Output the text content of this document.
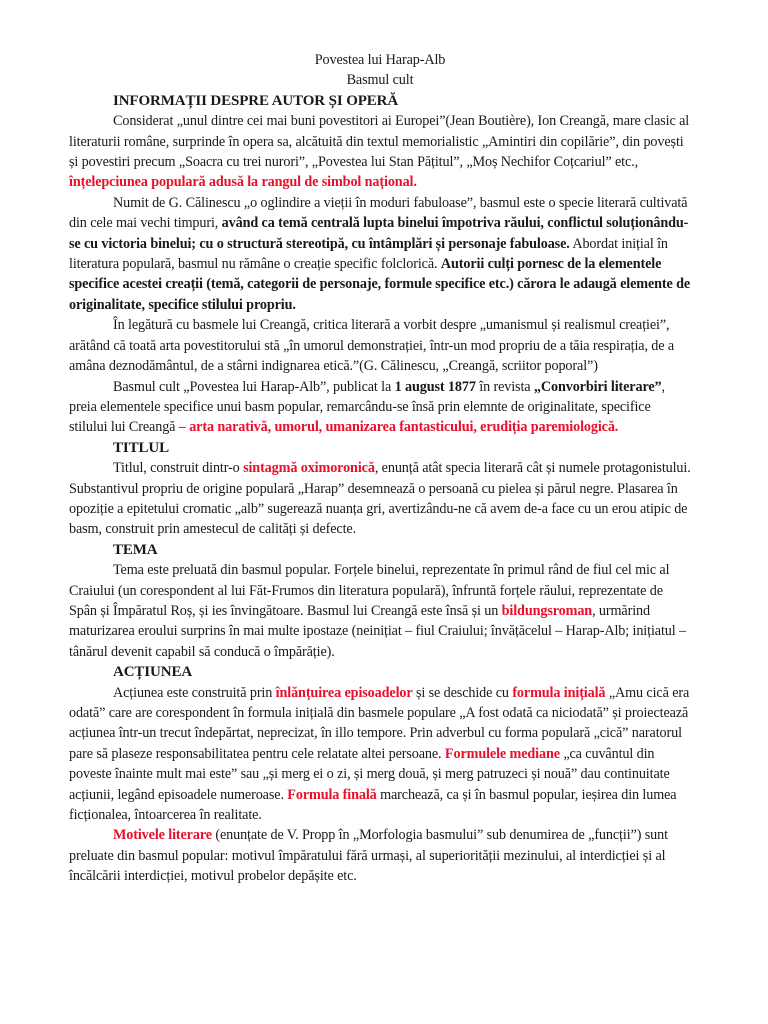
Povestea lui Harap-Alb

Basmul cult

INFORMAȚII DESPRE AUTOR ȘI OPERĂ

Considerat „unul dintre cei mai buni povestitori ai Europei”(Jean Boutière), Ion Creangă, mare clasic al literaturii române, surprinde în opera sa, alcătuită din textul memorialistic „Amintiri din copilărie”, din povești și povestiri precum „Soacra cu trei nurori”, „Povestea lui Stan Pățitul”, „Moș Nechifor Coțcariul” etc., înțelepciunea populară adusă la rangul de simbol național.

Numit de G. Călinescu „o oglindire a vieții în moduri fabuloase”, basmul este o specie literară cultivată din cele mai vechi timpuri, având ca temă centrală lupta binelui împotriva răului, conflictul soluționându-se cu victoria binelui; cu o structură stereotipă, cu întâmplări și personaje fabuloase. Abordat inițial în literatura populară, basmul nu rămâne o creație specific folclorică. Autorii culți pornesc de la elementele specifice acestei creații (temă, categorii de personaje, formule specifice etc.) cărora le adaugă elemente de originalitate, specifice stilului propriu.

În legătură cu basmele lui Creangă, critica literară a vorbit despre „umanismul și realismul creației”, arătând că toată arta povestitorului stă „în umorul demonstrației, într-un mod propriu de a tăia respirația, de a amâna deznodământul, de a stârni indignarea etică.”(G. Călinescu, „Creangă, scriitor poporal”)

Basmul cult „Povestea lui Harap-Alb”, publicat la 1 august 1877 în revista „Convorbiri literare”, preia elementele specifice unui basm popular, remarcându-se însă prin elemnte de originalitate, specifice stilului lui Creangă – arta narativă, umorul, umanizarea fantasticului, erudiția paremiologică.

TITLUL

Titlul, construit dintr-o sintagmă oximoronică, enunță atât specia literară cât și numele protagonistului. Substantivul propriu de origine populară „Harap” desemnează o persoană cu pielea și părul negre. Plasarea în opoziție a epitetului cromatic „alb” sugerează nuanța gri, avertizându-ne că avem de-a face cu un erou atipic de basm, construit prin amestecul de calități și defecte.

TEMA

Tema este preluată din basmul popular. Forțele binelui, reprezentate în primul rând de fiul cel mic al Craiului (un corespondent al lui Făt-Frumos din literatura populară), înfruntă forțele răului, reprezentate de Spân și Împăratul Roș, și ies învingătoare. Basmul lui Creangă este însă și un bildungsroman, urmărind maturizarea eroului surprins în mai multe ipostaze (neinițiat – fiul Craiului; învățăcelul – Harap-Alb; inițiatul – tânărul devenit capabil să conducă o împărăție).

ACȚIUNEA

Acțiunea este construită prin înlănțuirea episoadelor și se deschide cu formula inițială „Amu cică era odată” care are corespondent în formula inițială din basmele populare „A fost odată ca niciodată” și proiectează acțiunea într-un trecut îndepărtat, neprecizat, în illo tempore. Prin adverbul cu forma populară „cică” naratorul pare să plaseze responsabilitatea pentru cele relatate altei persoane. Formulele mediane „ca cuvântul din poveste înainte mult mai este” sau „și merg ei o zi, și merg două, și merg patruzeci și nouă” dau continuitate acțiunii, legând episoadele numeroase. Formula finală marchează, ca și în basmul popular, ieșirea din lumea ficționalea, întoarcerea în realitate.

Motivele literare (enunțate de V. Propp în „Morfologia basmului” sub denumirea de „funcții”) sunt preluate din basmul popular: motivul împăratului fără urmași, al superiorității mezinului, al interdicției și al încălcării interdicției, motivul probelor depășite etc.
